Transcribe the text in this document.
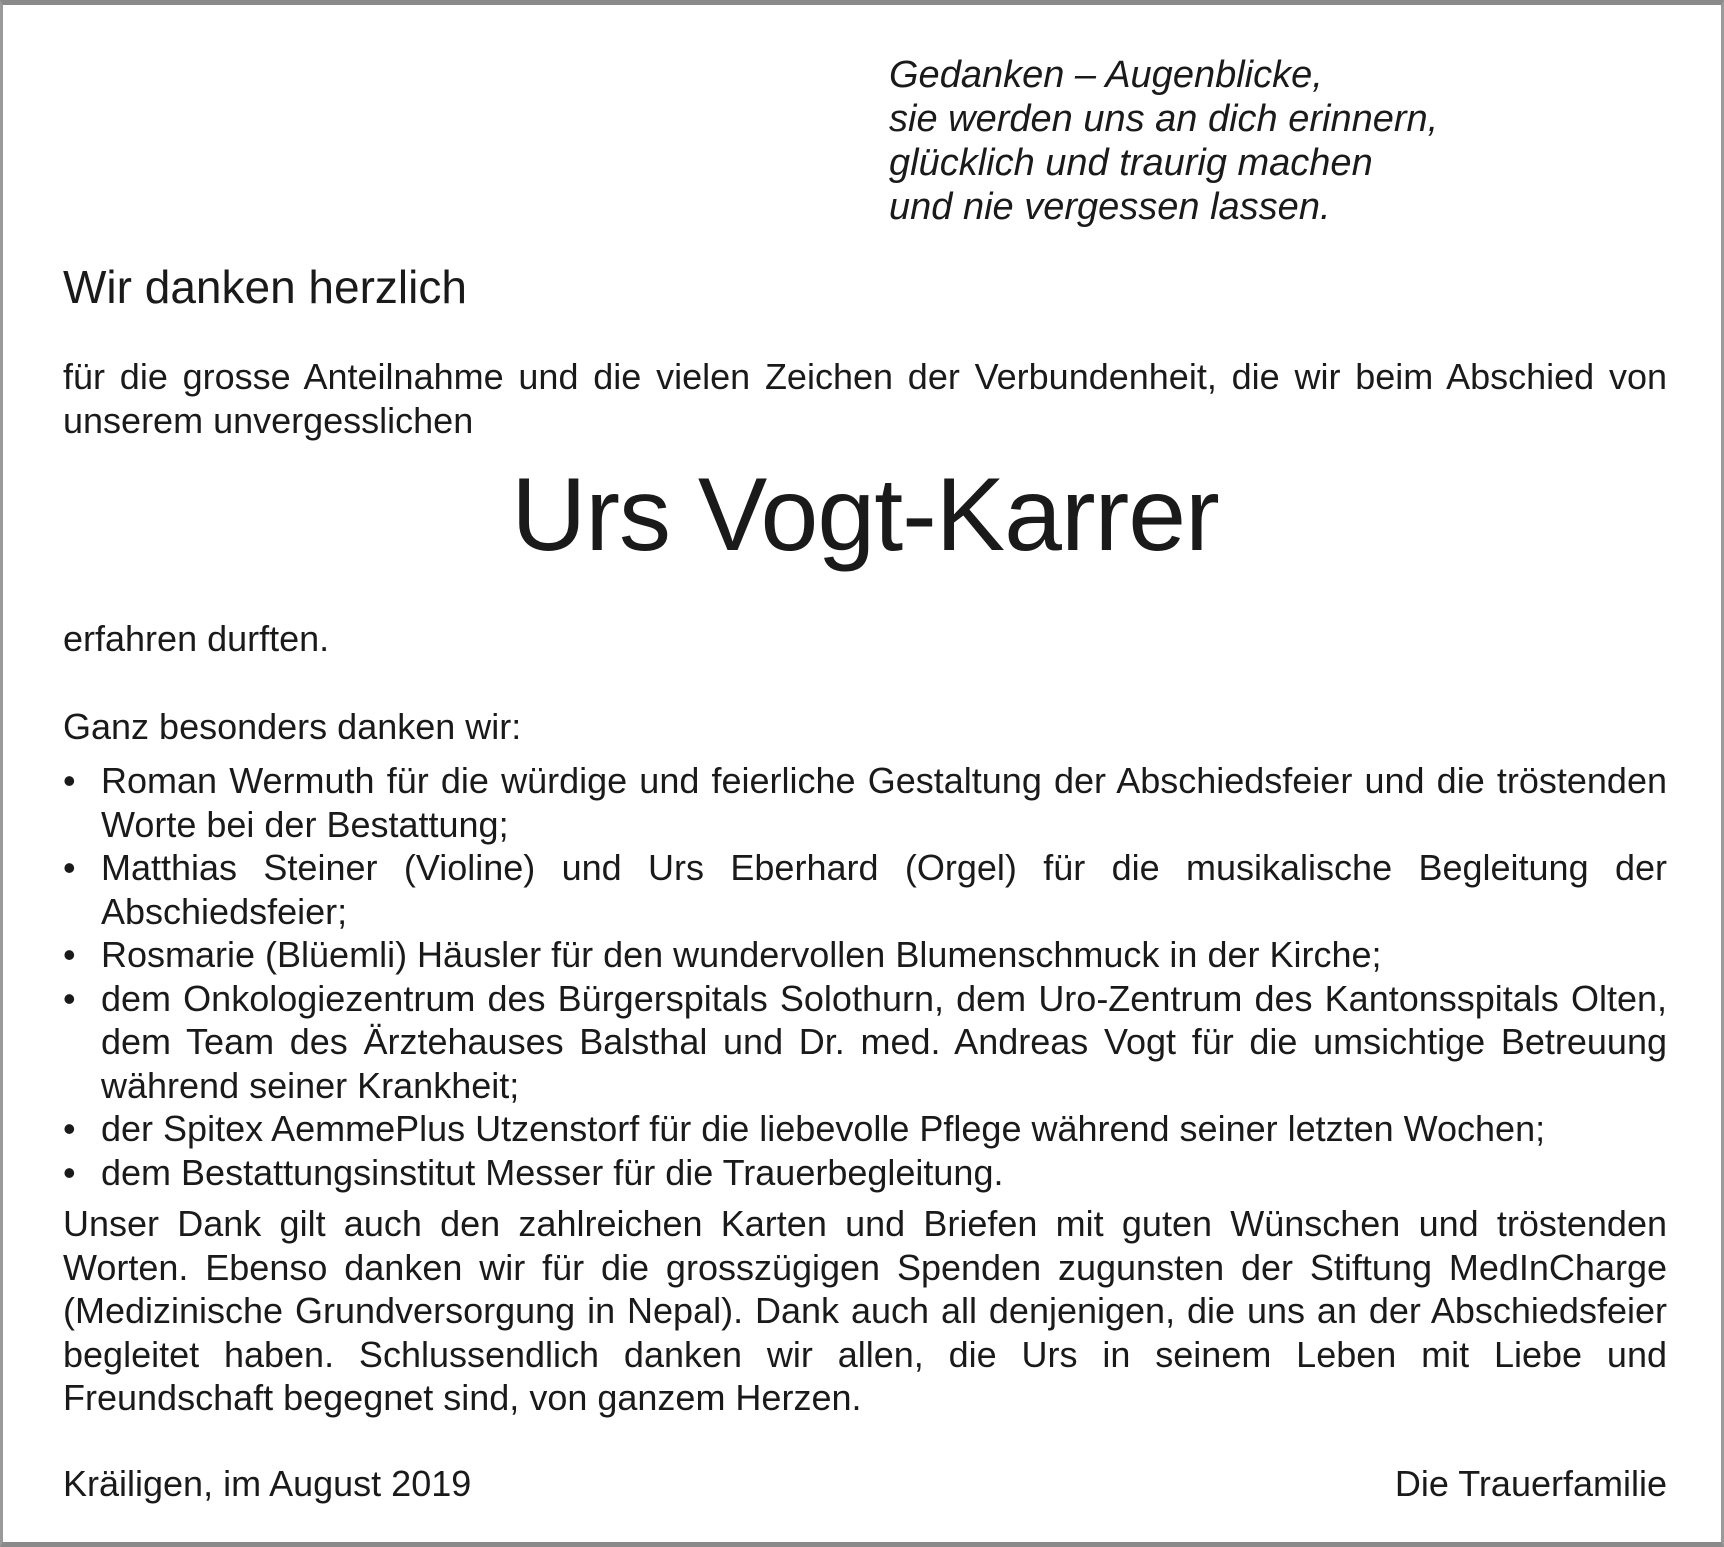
Gedanken – Augenblicke,
sie werden uns an dich erinnern,
glücklich und traurig machen
und nie vergessen lassen.
Wir danken herzlich

für die grosse Anteilnahme und die vielen Zeichen der Verbundenheit, die wir beim Abschied von unserem unvergesslichen

Urs Vogt-Karrer

erfahren durften.

Ganz besonders danken wir:

• Roman Wermuth für die würdige und feierliche Gestaltung der Abschiedsfeier und die tröstenden Worte bei der Bestattung;
• Matthias Steiner (Violine) und Urs Eberhard (Orgel) für die musikalische Begleitung der Abschiedsfeier;
• Rosmarie (Blüemli) Häusler für den wundervollen Blumenschmuck in der Kirche;
• dem Onkologiezentrum des Bürgerspitals Solothurn, dem Uro-Zentrum des Kantonsspitals Olten, dem Team des Ärztehauses Balsthal und Dr. med. Andreas Vogt für die umsichtige Betreuung während seiner Krankheit;
• der Spitex AemmePlus Utzenstorf für die liebevolle Pflege während seiner letzten Wochen;
• dem Bestattungsinstitut Messer für die Trauerbegleitung.

Unser Dank gilt auch den zahlreichen Karten und Briefen mit guten Wünschen und tröstenden Worten. Ebenso danken wir für die grosszügigen Spenden zugunsten der Stiftung MedInCharge (Medizinische Grundversorgung in Nepal). Dank auch all denjenigen, die uns an der Abschiedsfeier begleitet haben. Schlussendlich danken wir allen, die Urs in seinem Leben mit Liebe und Freundschaft begegnet sind, von ganzem Herzen.

Kräiligen, im August 2019	Die Trauerfamilie
